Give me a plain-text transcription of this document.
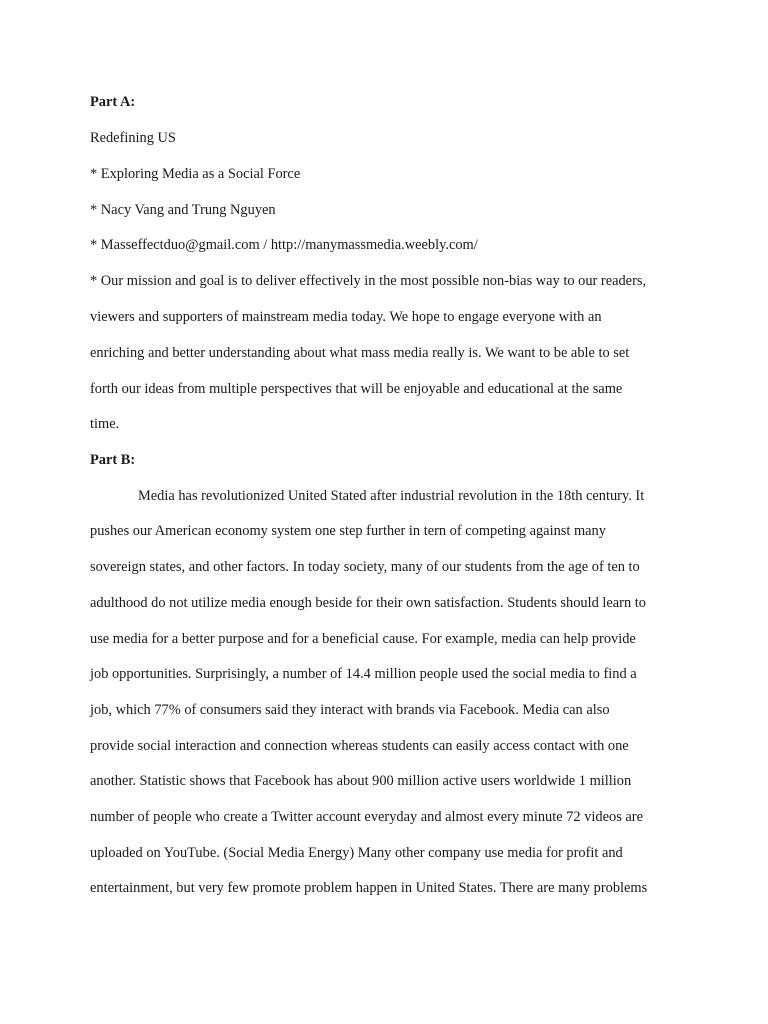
Part A:

Redefining US

* Exploring Media as a Social Force

* Nacy Vang and Trung Nguyen

* Masseffectduo@gmail.com / http://manymassmedia.weebly.com/

* Our mission and goal is to deliver effectively in the most possible non-bias way to our readers,

viewers and supporters of mainstream media today. We hope to engage everyone with an

enriching and better understanding about what mass media really is. We want to be able to set

forth our ideas from multiple perspectives that will be enjoyable and educational at the same

time.

Part B:

Media has revolutionized United Stated after industrial revolution in the 18th century. It

pushes our American economy system one step further in tern of competing against many

sovereign states, and other factors. In today society, many of our students from the age of ten to

adulthood do not utilize media enough beside for their own satisfaction. Students should learn to

use media for a better purpose and for a beneficial cause. For example, media can help provide

job opportunities. Surprisingly, a number of 14.4 million people used the social media to find a

job, which 77% of consumers said they interact with brands via Facebook. Media can also

provide social interaction and connection whereas students can easily access contact with one

another. Statistic shows that Facebook has about 900 million active users worldwide 1 million

number of people who create a Twitter account everyday and almost every minute 72 videos are

uploaded on YouTube. (Social Media Energy) Many other company use media for profit and

entertainment, but very few promote problem happen in United States. There are many problems
